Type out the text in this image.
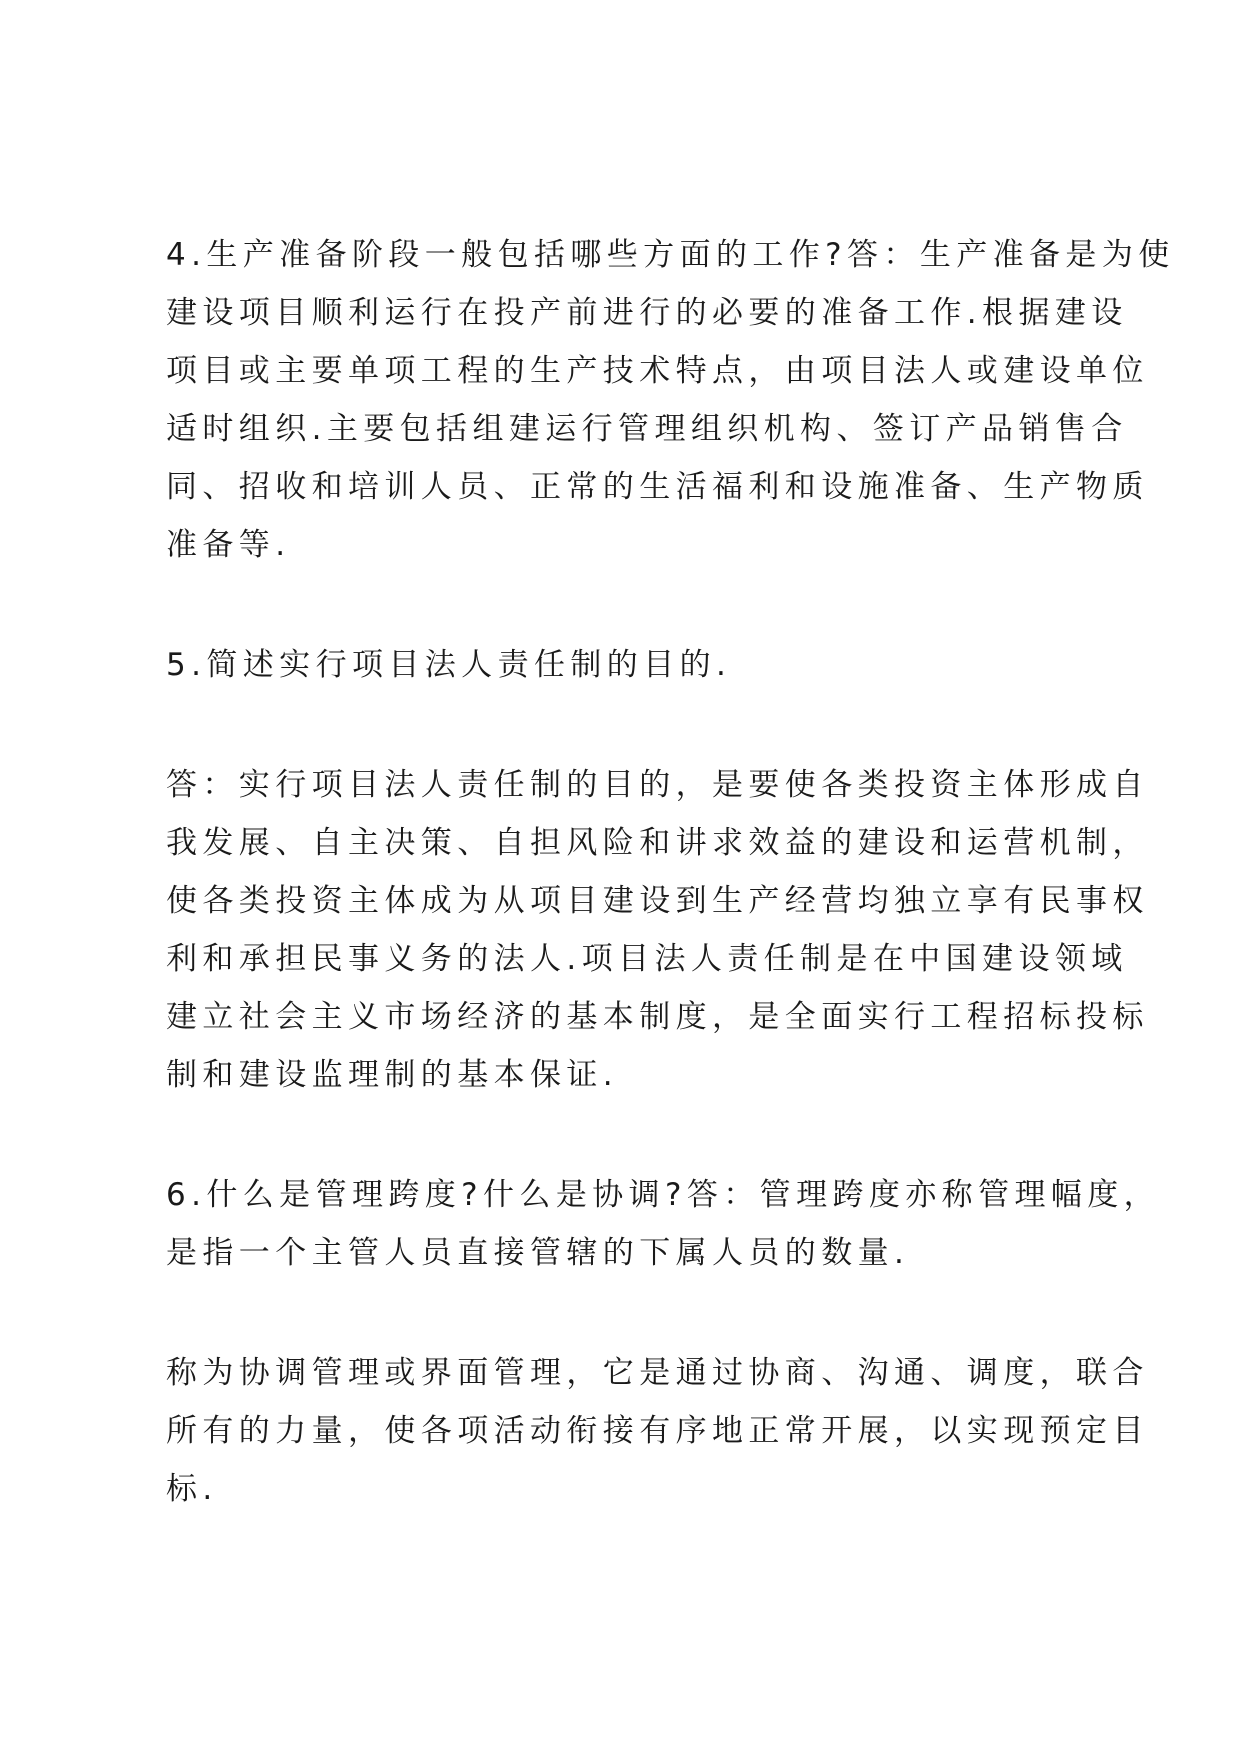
4.生产准备阶段一般包括哪些方面的工作?答：生产准备是为使
建设项目顺利运行在投产前进行的必要的准备工作.根据建设
项目或主要单项工程的生产技术特点，由项目法人或建设单位
适时组织.主要包括组建运行管理组织机构、签订产品销售合
同、招收和培训人员、正常的生活福利和设施准备、生产物质
准备等.
5.简述实行项目法人责任制的目的.
答：实行项目法人责任制的目的，是要使各类投资主体形成自
我发展、自主决策、自担风险和讲求效益的建设和运营机制，
使各类投资主体成为从项目建设到生产经营均独立享有民事权
利和承担民事义务的法人.项目法人责任制是在中国建设领域
建立社会主义市场经济的基本制度，是全面实行工程招标投标
制和建设监理制的基本保证.
6.什么是管理跨度?什么是协调?答：管理跨度亦称管理幅度，
是指一个主管人员直接管辖的下属人员的数量.
称为协调管理或界面管理，它是通过协商、沟通、调度，联合
所有的力量，使各项活动衔接有序地正常开展，以实现预定目
标.
